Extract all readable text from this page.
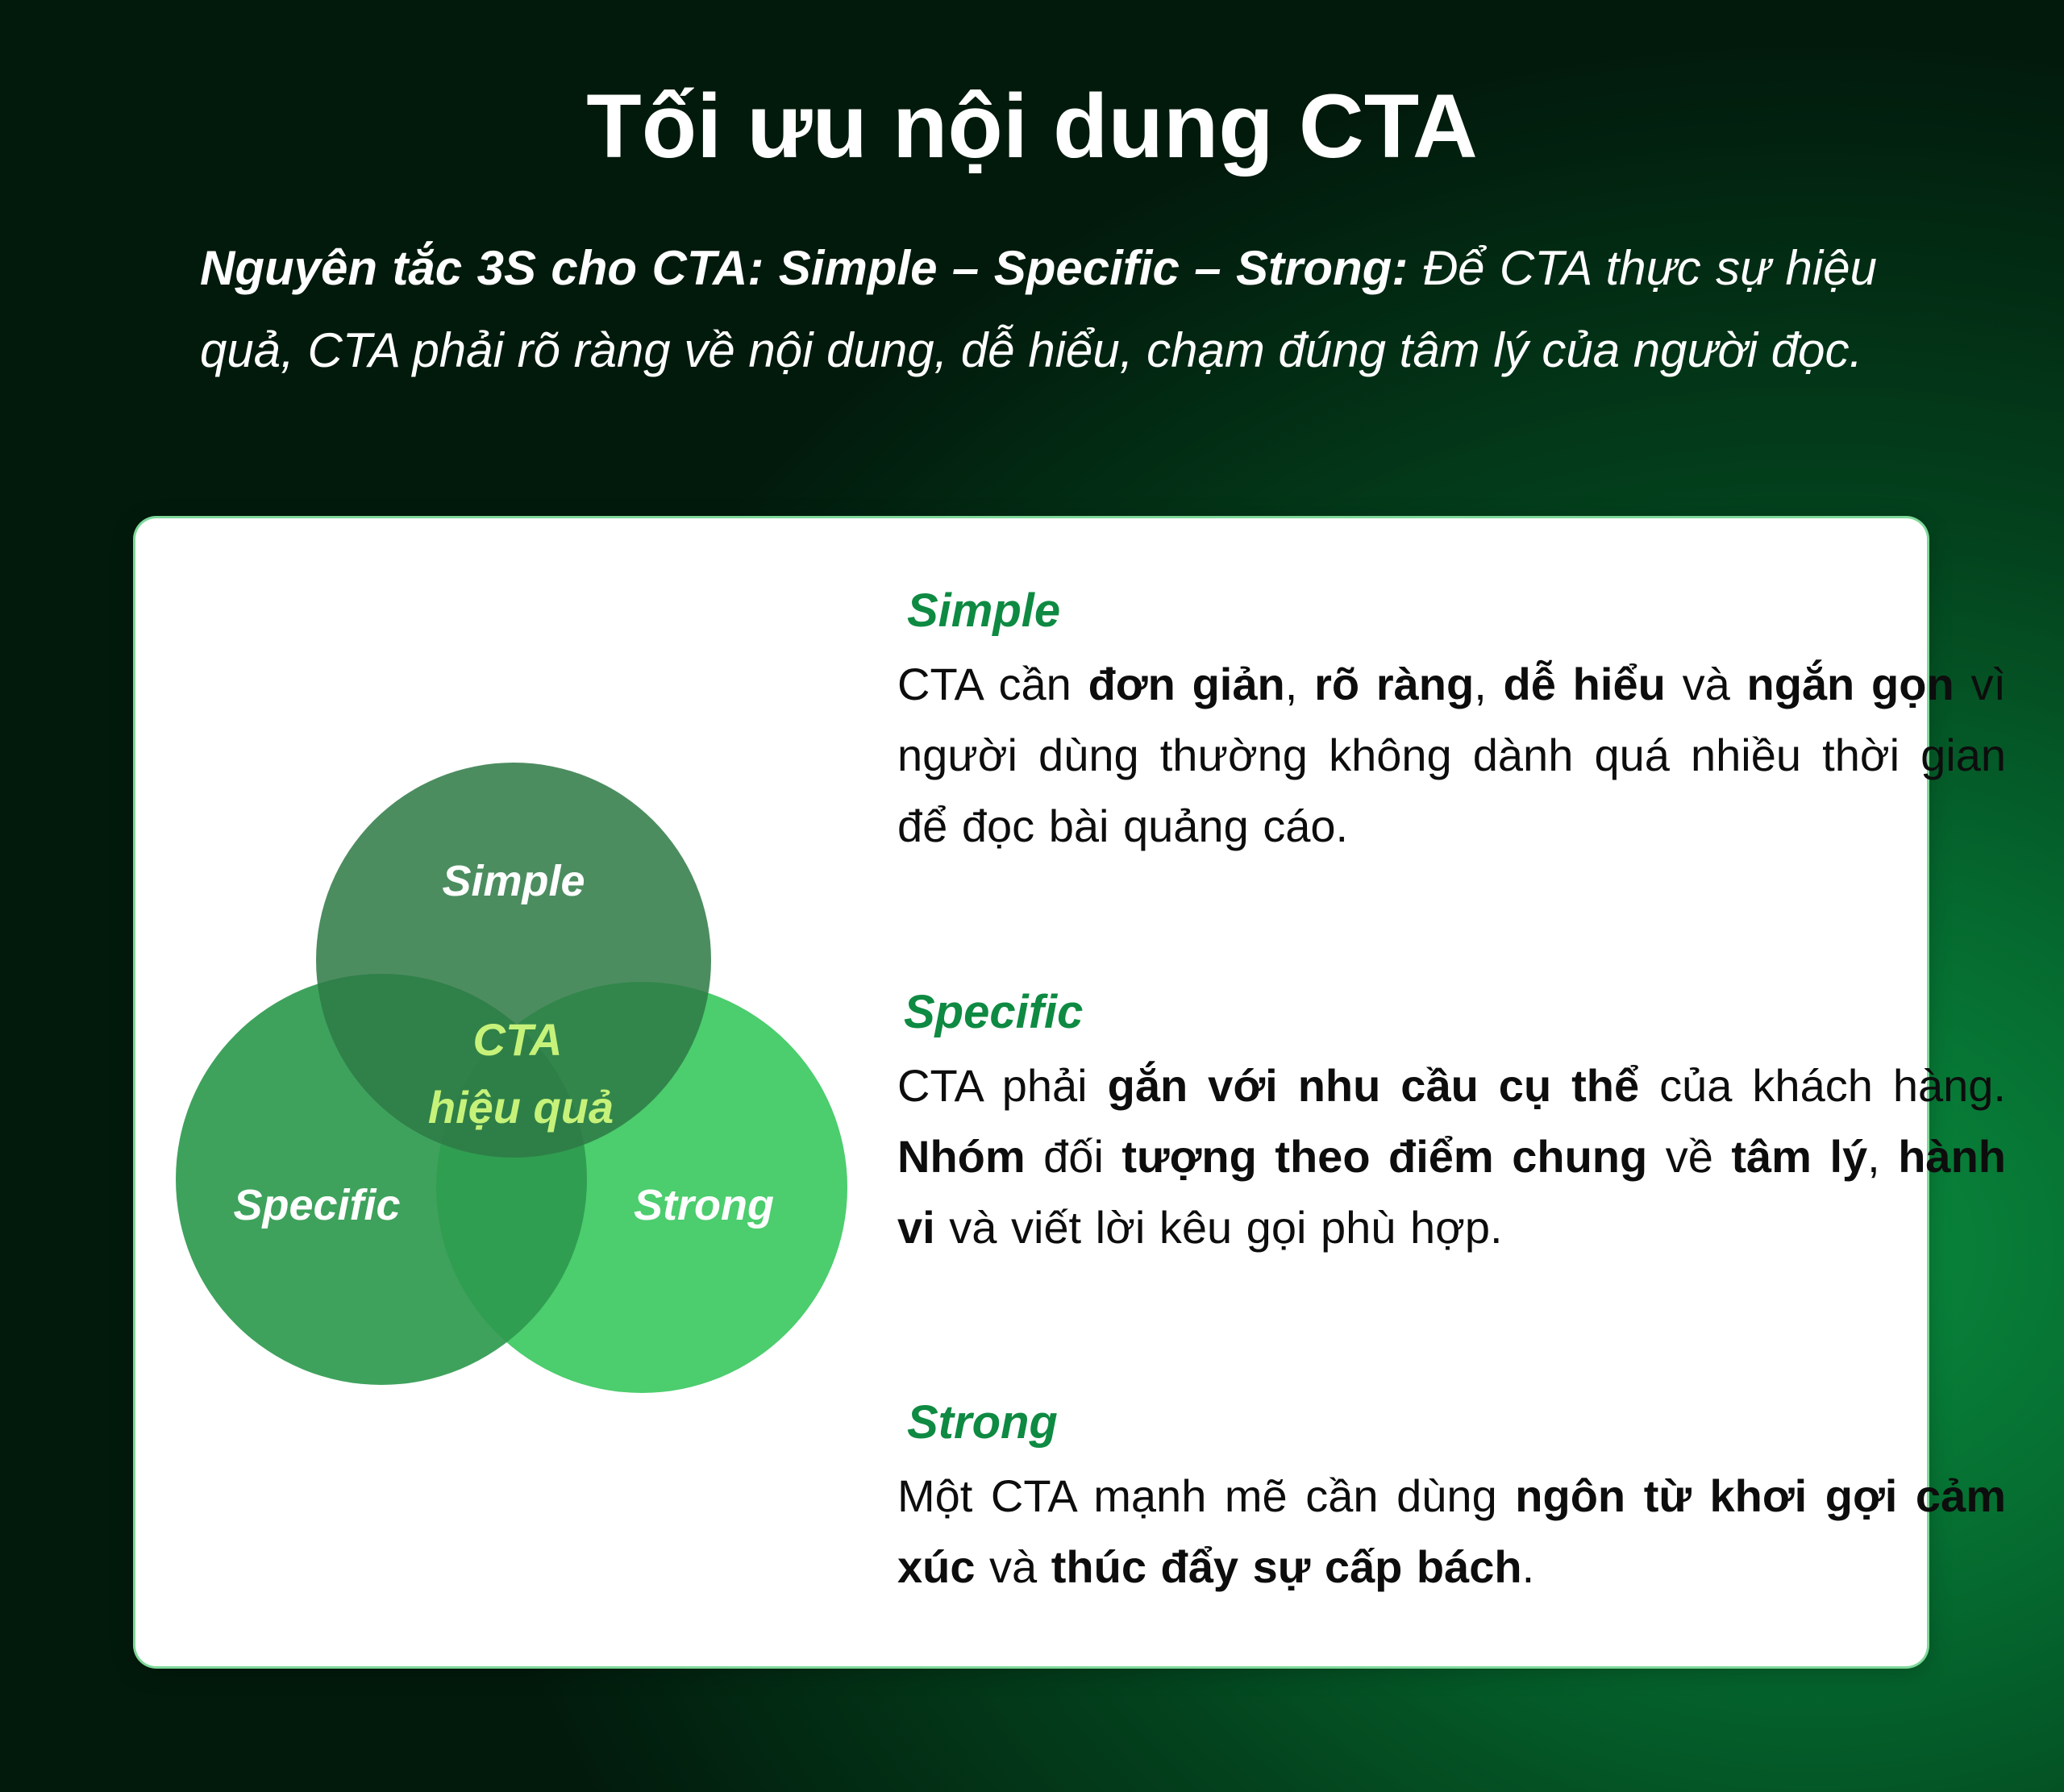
Tối ưu nội dung CTA

Nguyên tắc 3S cho CTA: Simple – Specific – Strong: Để CTA thực sự hiệu quả, CTA phải rõ ràng về nội dung, dễ hiểu, chạm đúng tâm lý của người đọc.

Simple
Specific	Strong
CTA
hiệu quả
Simple

CTA cần đơn giản, rõ ràng, dễ hiểu và ngắn gọn vì người dùng thường không dành quá nhiều thời gian để đọc bài quảng cáo.

Specific

CTA phải gắn với nhu cầu cụ thể của khách hàng. Nhóm đối tượng theo điểm chung về tâm lý, hành vi và viết lời kêu gọi phù hợp.

Strong

Một CTA mạnh mẽ cần dùng ngôn từ khơi gợi cảm xúc và thúc đẩy sự cấp bách.
